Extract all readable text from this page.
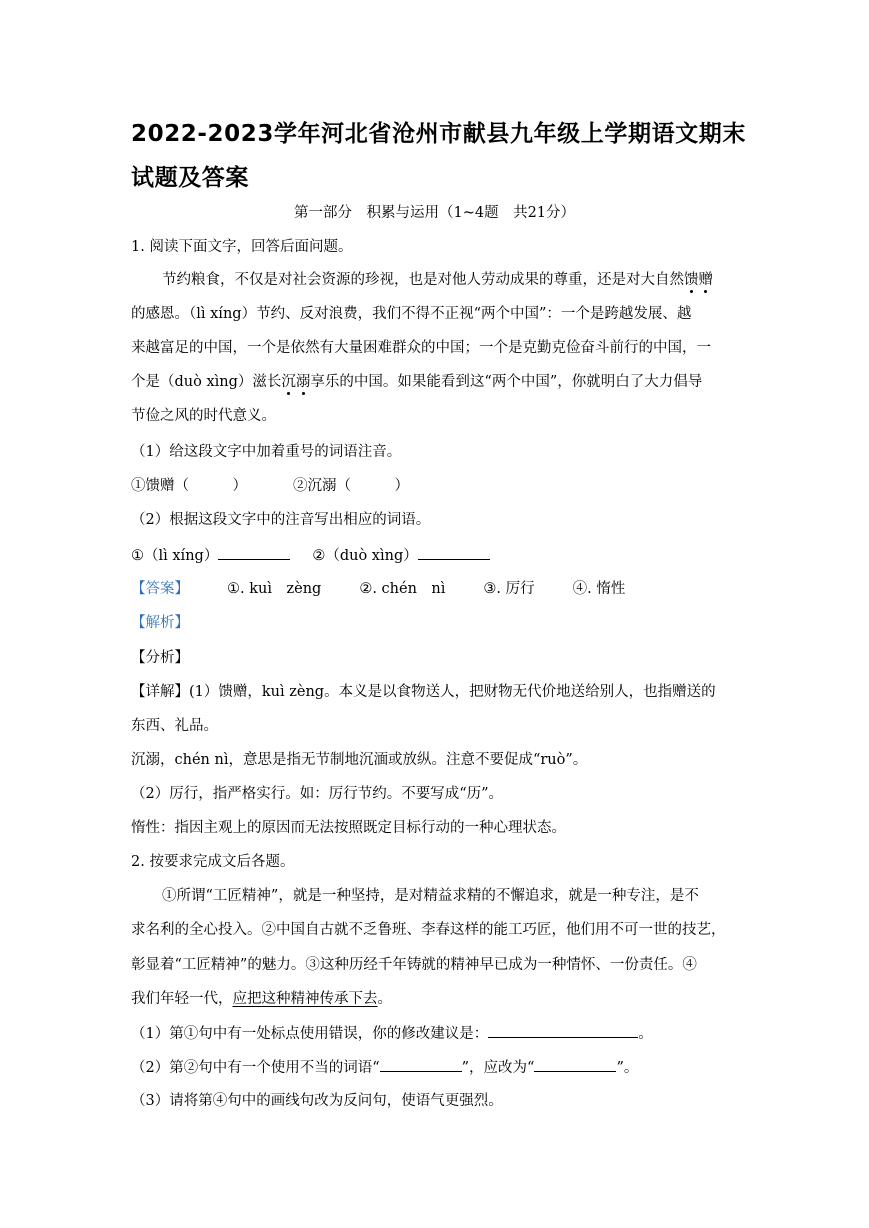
2022-2023学年河北省沧州市献县九年级上学期语文期末试题及答案
第一部分　积累与运用（1~4题　共21分）
1. 阅读下面文字，回答后面问题。
节约粮食，不仅是对社会资源的珍视，也是对他人劳动成果的尊重，还是对大自然馈赠
的感恩。（lì xíng）节约、反对浪费，我们不得不正视“两个中国”：一个是跨越发展、越
来越富足的中国，一个是依然有大量困难群众的中国；一个是克勤克俭奋斗前行的中国，一
个是（duò xìng）滋长沉溺享乐的中国。如果能看到这“两个中国”，你就明白了大力倡导
节俭之风的时代意义。
（1）给这段文字中加着重号的词语注音。
①馈赠（　　　）	②沉溺（　　　）
（2）根据这段文字中的注音写出相应的词语。
①（lì xíng）	②（duò xìng）
【答案】	①. kuì　zèng	②. chén　nì	③. 厉行	④. 惰性
【解析】
【分析】
【详解】(1）馈赠，kuì zèng。本义是以食物送人，把财物无代价地送给别人，也指赠送的
东西、礼品。
沉溺，chén nì，意思是指无节制地沉湎或放纵。注意不要促成“ruò”。
（2）厉行，指严格实行。如：厉行节约。不要写成“历”。
惰性：指因主观上的原因而无法按照既定目标行动的一种心理状态。
2. 按要求完成文后各题。
①所谓“工匠精神”，就是一种坚持，是对精益求精的不懈追求，就是一种专注，是不
求名利的全心投入。②中国自古就不乏鲁班、李春这样的能工巧匠，他们用不可一世的技艺，
彰显着“工匠精神”的魅力。③这种历经千年铸就的精神早已成为一种情怀、一份责任。④
我们年轻一代，应把这种精神传承下去。
（1）第①句中有一处标点使用错误，你的修改建议是：	。
（2）第②句中有一个使用不当的词语“	”，应改为“	”。
（3）请将第④句中的画线句改为反问句，使语气更强烈。
